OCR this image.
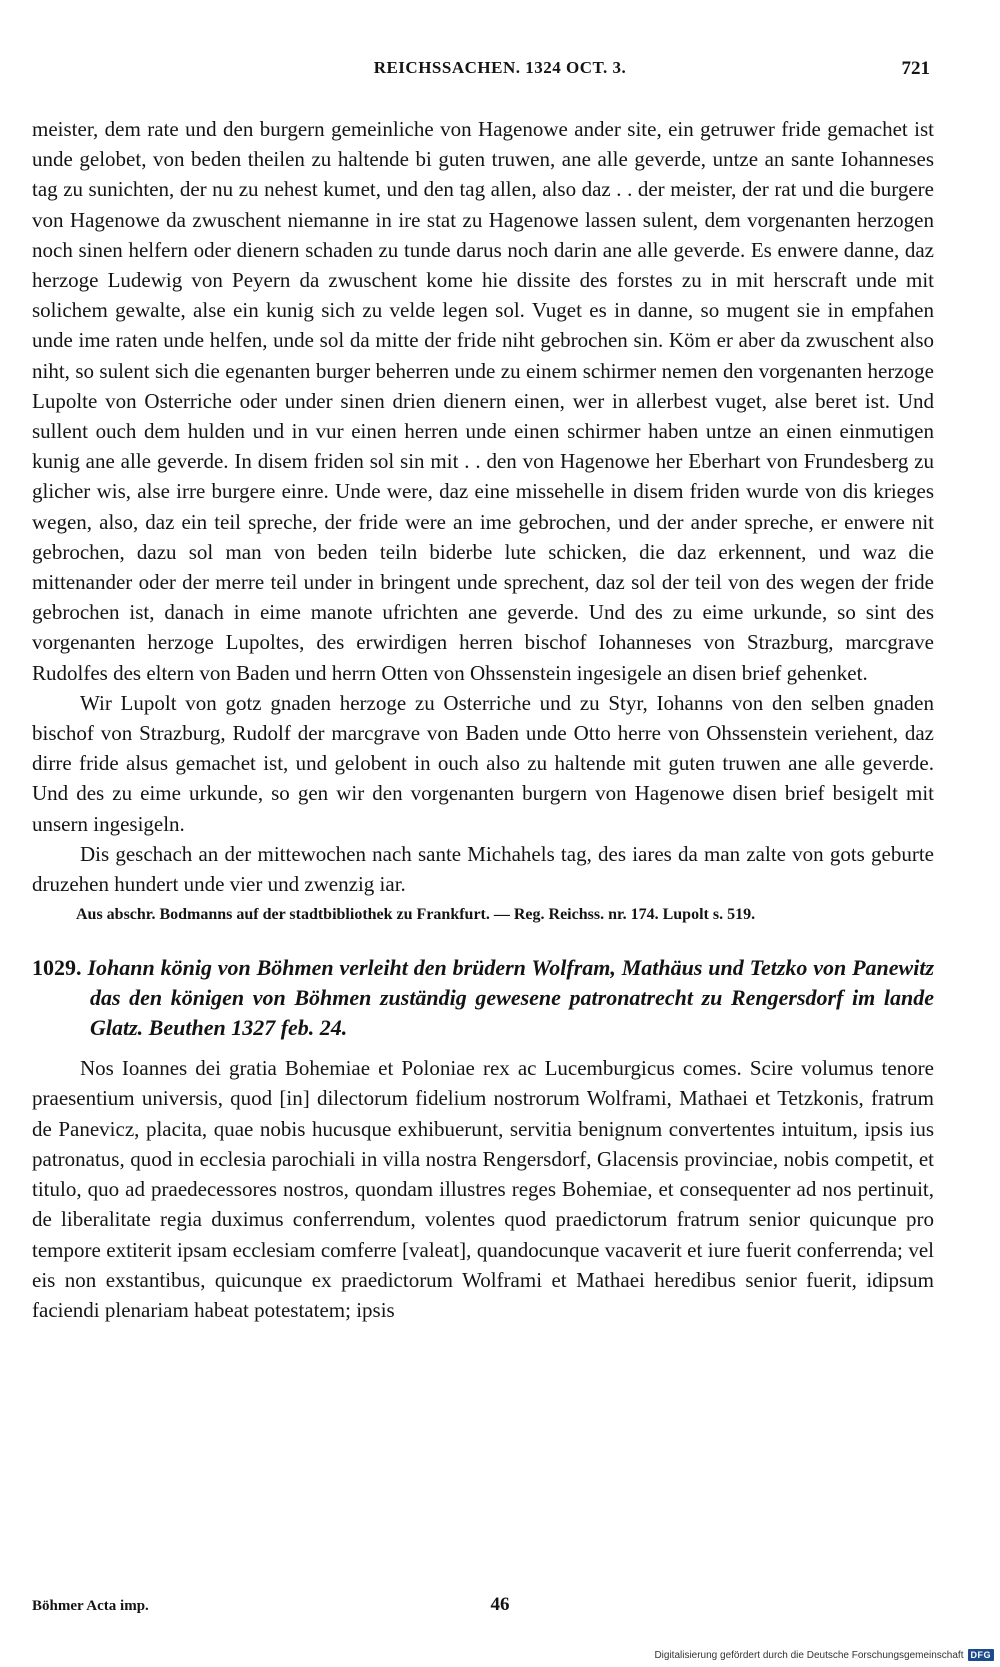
REICHSSACHEN. 1324 OCT. 3.	721

meister, dem rate und den burgern gemeinliche von Hagenowe ander site, ein getruwer fride gemachet ist unde gelobet, von beden theilen zu haltende bi guten truwen, ane alle geverde, untze an sante Iohanneses tag zu sunichten, der nu zu nehest kumet, und den tag allen, also daz . . der meister, der rat und die burgere von Hagenowe da zwuschent niemanne in ire stat zu Hagenowe lassen sulent, dem vorgenanten herzogen noch sinen helfern oder dienern schaden zu tunde darus noch darin ane alle geverde. Es enwere danne, daz herzoge Ludewig von Peyern da zwuschent kome hie dissite des forstes zu in mit herscraft unde mit solichem gewalte, alse ein kunig sich zu velde legen sol. Vuget es in danne, so mugent sie in empfahen unde ime raten unde helfen, unde sol da mitte der fride niht gebrochen sin. Köm er aber da zwuschent also niht, so sulent sich die egenanten burger beherren unde zu einem schirmer nemen den vorgenanten herzoge Lupolte von Osterriche oder under sinen drien dienern einen, wer in allerbest vuget, alse beret ist. Und sullent ouch dem hulden und in vur einen herren unde einen schirmer haben untze an einen einmutigen kunig ane alle geverde. In disem friden sol sin mit . . den von Hagenowe her Eberhart von Frundesberg zu glicher wis, alse irre burgere einre. Unde were, daz eine missehelle in disem friden wurde von dis krieges wegen, also, daz ein teil spreche, der fride were an ime gebrochen, und der ander spreche, er enwere nit gebrochen, dazu sol man von beden teiln biderbe lute schicken, die daz erkennent, und waz die mittenander oder der merre teil under in bringent unde sprechent, daz sol der teil von des wegen der fride gebrochen ist, danach in eime manote ufrichten ane geverde. Und des zu eime urkunde, so sint des vorgenanten herzoge Lupoltes, des erwirdigen herren bischof Iohanneses von Strazburg, marcgrave Rudolfes des eltern von Baden und herrn Otten von Ohssenstein ingesigele an disen brief gehenket.

Wir Lupolt von gotz gnaden herzoge zu Osterriche und zu Styr, Iohanns von den selben gnaden bischof von Strazburg, Rudolf der marcgrave von Baden unde Otto herre von Ohssenstein veriehent, daz dirre fride alsus gemachet ist, und gelobent in ouch also zu haltende mit guten truwen ane alle geverde. Und des zu eime urkunde, so gen wir den vorgenanten burgern von Hagenowe disen brief besigelt mit unsern ingesigeln.

Dis geschach an der mittewochen nach sante Michahels tag, des iares da man zalte von gots geburte druzehen hundert unde vier und zwenzig iar.

Aus abschr. Bodmanns auf der stadtbibliothek zu Frankfurt. — Reg. Reichss. nr. 174. Lupolt s. 519.
1029. Iohann könig von Böhmen verleiht den brüdern Wolfram, Mathäus und Tetzko von Panewitz das den königen von Böhmen zuständig gewesene patronatrecht zu Rengersdorf im lande Glatz. Beuthen 1327 feb. 24.

Nos Ioannes dei gratia Bohemiae et Poloniae rex ac Lucemburgicus comes. Scire volumus tenore praesentium universis, quod [in] dilectorum fidelium nostrorum Wolframi, Mathaei et Tetzkonis, fratrum de Panevicz, placita, quae nobis hucusque exhibuerunt, servitia benignum convertentes intuitum, ipsis ius patronatus, quod in ecclesia parochiali in villa nostra Rengersdorf, Glacensis provinciae, nobis competit, et titulo, quo ad praedecessores nostros, quondam illustres reges Bohemiae, et consequenter ad nos pertinuit, de liberalitate regia duximus conferrendum, volentes quod praedictorum fratrum senior quicunque pro tempore extiterit ipsam ecclesiam comferre [valeat], quandocunque vacaverit et iure fuerit conferrenda; vel eis non exstantibus, quicunque ex praedictorum Wolframi et Mathaei heredibus senior fuerit, idipsum faciendi plenariam habeat potestatem; ipsis

Böhmer Acta imp.	46
Digitalisierung gefördert durch die Deutsche Forschungsgemeinschaft DFG
